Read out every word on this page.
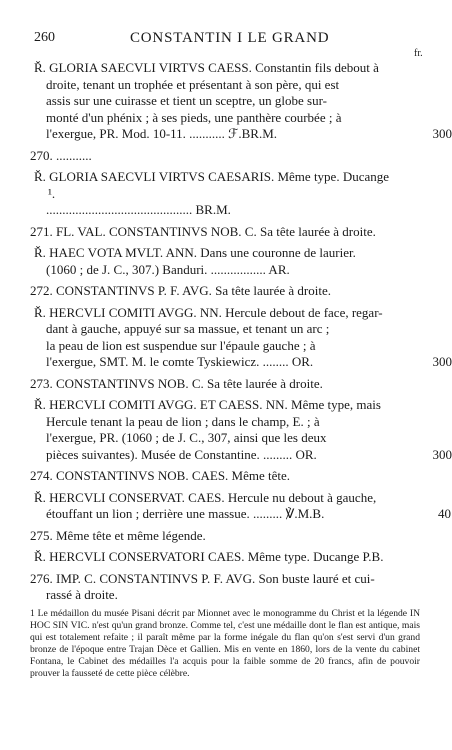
260	CONSTANTIN I LE GRAND
fr.
Ř. GLORIA SAECVLI VIRTVS CAESS. Constantin fils debout à
droite, tenant un trophée et présentant à son père, qui est
assis sur une cuirasse et tient un sceptre, un globe sur-
monté d'un phénix ; à ses pieds, une panthère courbée ; à
l'exergue, PR. Mod. 10-11. ........... ℱ.BR.M.	300
270. ...........
Ř. GLORIA SAECVLI VIRTVS CAESARIS. Même type. Ducange ¹.
............................................. BR.M.
271. FL. VAL. CONSTANTINVS NOB. C. Sa tête laurée à droite.
Ř. HAEC VOTA MVLT. ANN. Dans une couronne de laurier.
(1060 ; de J. C., 307.) Banduri. ................. AR.
272. CONSTANTINVS P. F. AVG. Sa tête laurée à droite.
Ř. HERCVLI COMITI AVGG. NN. Hercule debout de face, regar-
dant à gauche, appuyé sur sa massue, et tenant un arc ;
la peau de lion est suspendue sur l'épaule gauche ; à
l'exergue, SMT. M. le comte Tyskiewicz. ........ OR.	300
273. CONSTANTINVS NOB. C. Sa tête laurée à droite.
Ř. HERCVLI COMITI AVGG. ET CAESS. NN. Même type, mais
Hercule tenant la peau de lion ; dans le champ, E. ; à
l'exergue, PR. (1060 ; de J. C., 307, ainsi que les deux
pièces suivantes). Musée de Constantine. ......... OR.	300
274. CONSTANTINVS NOB. CAES. Même tête.
Ř. HERCVLI CONSERVAT. CAES. Hercule nu debout à gauche,
étouffant un lion ; derrière une massue. ......... ℣.M.B.	40
275. Même tête et même légende.
Ř. HERCVLI CONSERVATORI CAES. Même type. Ducange P.B.
276. IMP. C. CONSTANTINVS P. F. AVG. Son buste lauré et cui-
rassé à droite.
1 Le médaillon du musée Pisani décrit par Mionnet avec le monogramme du Christ et la légende IN HOC SIN VIC. n'est qu'un grand bronze. Comme tel, c'est une médaille dont le flan est antique, mais qui est totalement refaite ; il paraît même par la forme inégale du flan qu'on s'est servi d'un grand bronze de l'époque entre Trajan Dèce et Gallien. Mis en vente en 1860, lors de la vente du cabinet Fontana, le Cabinet des médailles l'a acquis pour la faible somme de 20 francs, afin de pouvoir prouver la fausseté de cette pièce célèbre.
